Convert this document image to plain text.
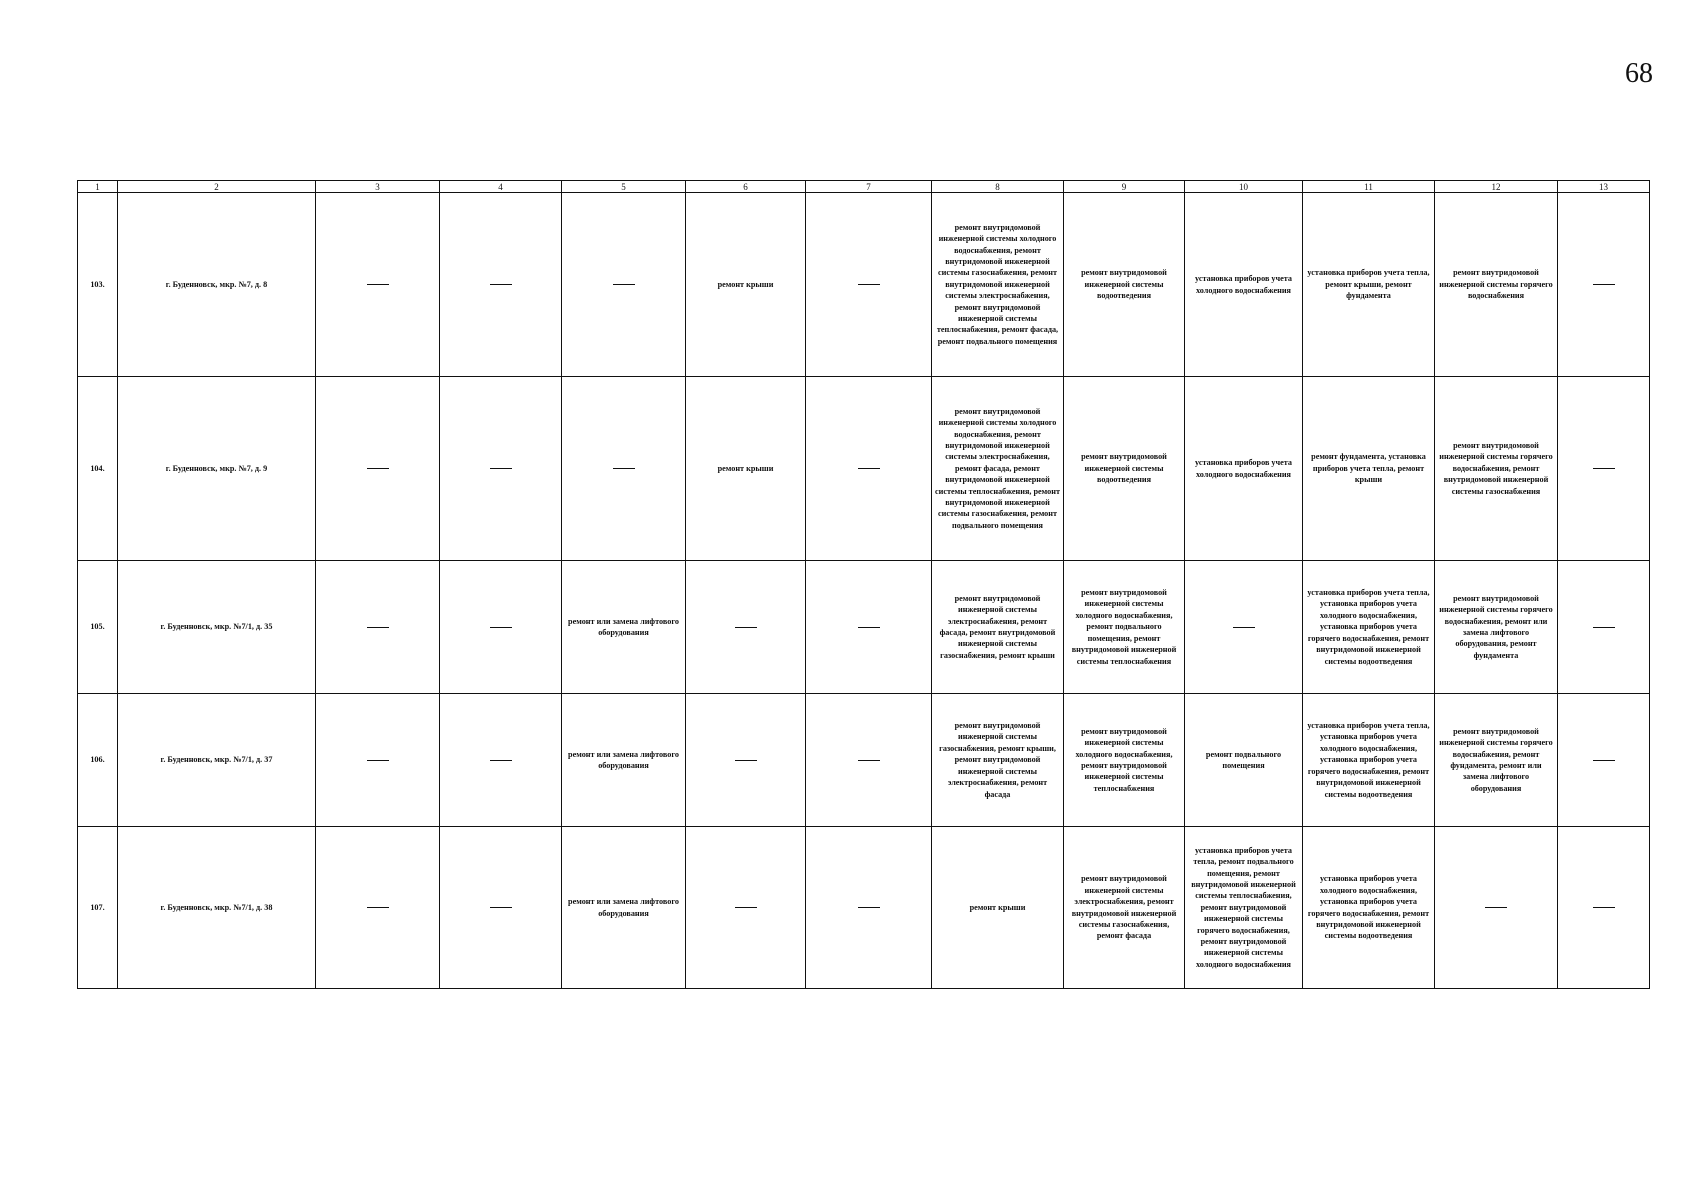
68
1	2	3	4	5	6	7	8	9	10	11	12	13
103.	г. Буденновск, мкр. №7, д. 8				ремонт крыши		ремонт внутридомовой инженерной системы холодного водоснабжения, ремонт внутридомовой инженерной системы газоснабжения, ремонт внутридомовой инженерной системы электроснабжения, ремонт внутридомовой инженерной системы теплоснабжения, ремонт фасада, ремонт подвального помещения	ремонт внутридомовой инженерной системы водоотведения	установка приборов учета холодного водоснабжения	установка приборов учета тепла, ремонт крыши, ремонт фундамента	ремонт внутридомовой инженерной системы горячего водоснабжения	
104.	г. Буденновск, мкр. №7, д. 9				ремонт крыши		ремонт внутридомовой инженерной системы холодного водоснабжения, ремонт внутридомовой инженерной системы электроснабжения, ремонт фасада, ремонт внутридомовой инженерной системы теплоснабжения, ремонт внутридомовой инженерной системы газоснабжения, ремонт подвального помещения	ремонт внутридомовой инженерной системы водоотведения	установка приборов учета холодного водоснабжения	ремонт фундамента, установка приборов учета тепла, ремонт крыши	ремонт внутридомовой инженерной системы горячего водоснабжения, ремонт внутридомовой инженерной системы газоснабжения	
105.	г. Буденновск, мкр. №7/1, д. 35			ремонт или замена лифтового оборудования			ремонт внутридомовой инженерной системы электроснабжения, ремонт фасада, ремонт внутридомовой инженерной системы газоснабжения, ремонт крыши	ремонт внутридомовой инженерной системы холодного водоснабжения, ремонт подвального помещения, ремонт внутридомовой инженерной системы теплоснабжения		установка приборов учета тепла, установка приборов учета холодного водоснабжения, установка приборов учета горячего водоснабжения, ремонт внутридомовой инженерной системы водоотведения	ремонт внутридомовой инженерной системы горячего водоснабжения, ремонт или замена лифтового оборудования, ремонт фундамента	
106.	г. Буденновск, мкр. №7/1, д. 37			ремонт или замена лифтового оборудования			ремонт внутридомовой инженерной системы газоснабжения, ремонт крыши, ремонт внутридомовой инженерной системы электроснабжения, ремонт фасада	ремонт внутридомовой инженерной системы холодного водоснабжения, ремонт внутридомовой инженерной системы теплоснабжения	ремонт подвального помещения	установка приборов учета тепла, установка приборов учета холодного водоснабжения, установка приборов учета горячего водоснабжения, ремонт внутридомовой инженерной системы водоотведения	ремонт внутридомовой инженерной системы горячего водоснабжения, ремонт фундамента, ремонт или замена лифтового оборудования	
107.	г. Буденновск, мкр. №7/1, д. 38			ремонт или замена лифтового оборудования			ремонт крыши	ремонт внутридомовой инженерной системы электроснабжения, ремонт внутридомовой инженерной системы газоснабжения, ремонт фасада	установка приборов учета тепла, ремонт подвального помещения, ремонт внутридомовой инженерной системы теплоснабжения, ремонт внутридомовой инженерной системы горячего водоснабжения, ремонт внутридомовой инженерной системы холодного водоснабжения	установка приборов учета холодного водоснабжения, установка приборов учета горячего водоснабжения, ремонт внутридомовой инженерной системы водоотведения		
